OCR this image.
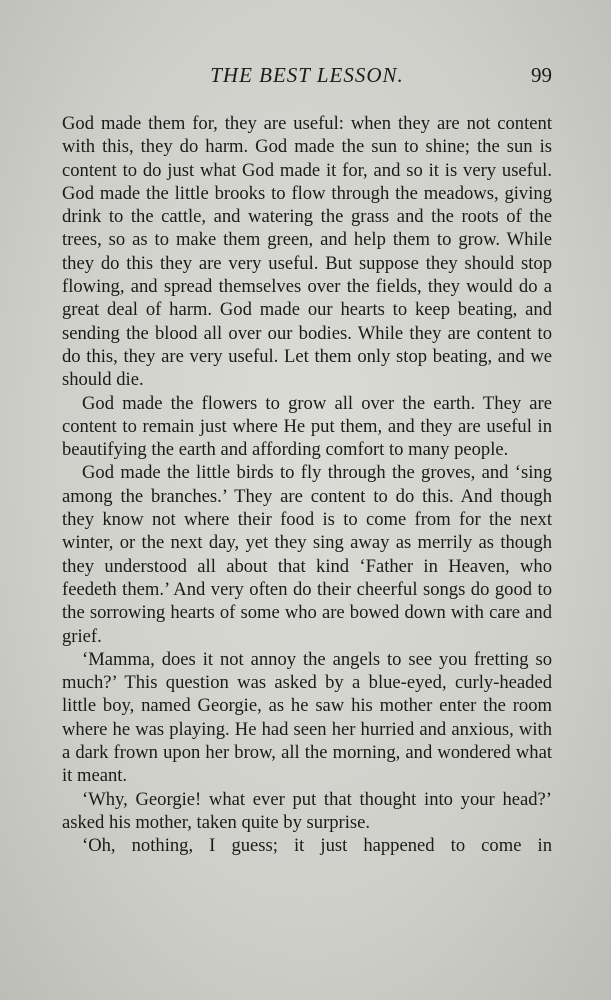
THE BEST LESSON.	99

God made them for, they are useful: when they are not content with this, they do harm. God made the sun to shine; the sun is content to do just what God made it for, and so it is very useful. God made the little brooks to flow through the meadows, giving drink to the cattle, and watering the grass and the roots of the trees, so as to make them green, and help them to grow. While they do this they are very useful. But suppose they should stop flowing, and spread themselves over the fields, they would do a great deal of harm. God made our hearts to keep beating, and sending the blood all over our bodies. While they are content to do this, they are very useful. Let them only stop beating, and we should die.

God made the flowers to grow all over the earth. They are content to remain just where He put them, and they are useful in beautifying the earth and affording comfort to many people.

God made the little birds to fly through the groves, and ‘sing among the branches.’ They are content to do this. And though they know not where their food is to come from for the next winter, or the next day, yet they sing away as merrily as though they understood all about that kind ‘Father in Heaven, who feedeth them.’ And very often do their cheerful songs do good to the sorrowing hearts of some who are bowed down with care and grief.

‘Mamma, does it not annoy the angels to see you fretting so much?’ This question was asked by a blue-eyed, curly-headed little boy, named Georgie, as he saw his mother enter the room where he was playing. He had seen her hurried and anxious, with a dark frown upon her brow, all the morning, and wondered what it meant.

‘Why, Georgie! what ever put that thought into your head?’ asked his mother, taken quite by surprise.

‘Oh, nothing, I guess; it just happened to come in
